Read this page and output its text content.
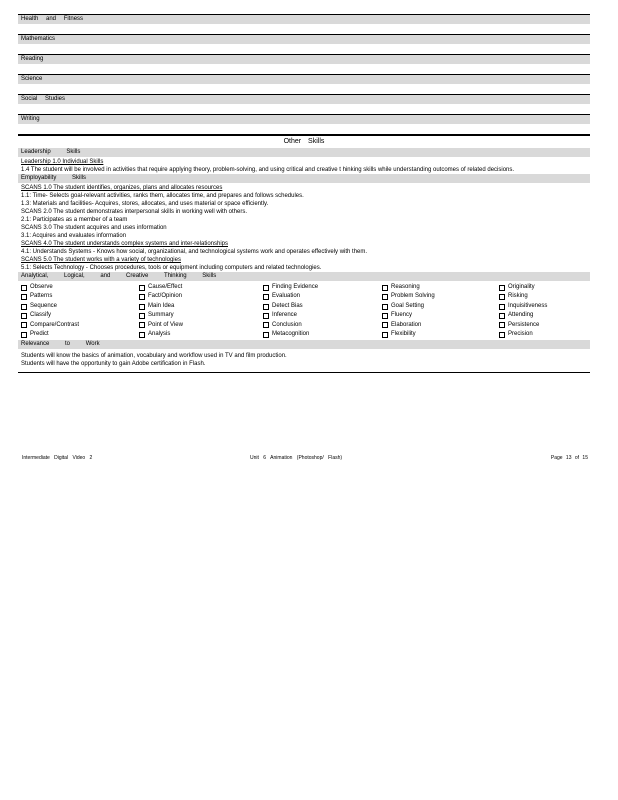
Health and Fitness
Mathematics
Reading
Science
Social Studies
Writing
Other Skills
Leadership Skills
Leadership 1.0 Individual Skills
1.4 The student will be involved in activities that require applying theory, problem-solving, and using critical and creative t hinking skills while understanding outcomes of related decisions.
Employability Skills
SCANS 1.0 The student identifies, organizes, plans and allocates resources
1.1: Time- Selects goal-relevant activities, ranks them, allocates time, and prepares and follows schedules.
1.3: Materials and facilities- Acquires, stores, allocates, and uses material or space efficiently.
SCANS 2.0 The student demonstrates interpersonal skills in working well with others.
2.1: Participates as a member of a team
SCANS 3.0 The student acquires and uses information
3.1: Acquires and evaluates information
SCANS 4.0 The student understands complex systems and inter-relationships
4.1: Understands Systems - Knows how social, organizational, and technological systems work and operates effectively with them.
SCANS 5.0 The student works with a variety of technologies
5.1: Selects Technology - Chooses procedures, tools or equipment including computers and related technologies.
Analytical, Logical, and Creative Thinking Skills
Observe	Cause/Effect	Finding Evidence	Reasoning	Originality
Patterns	Fact/Opinion	Evaluation	Problem Solving	Risking
Sequence	Main Idea	Detect Bias	Goal Setting	Inquisitiveness
Classify	Summary	Inference	Fluency	Attending
Compare/Contrast	Point of View	Conclusion	Elaboration	Persistence
Predict	Analysis	Metacognition	Flexibility	Precision
Relevance to Work
Students will know the basics of animation, vocabulary and workflow used in TV and film production.
Students will have the opportunity to gain Adobe certification in Flash.
Intermediate Digital Video 2	Unit 6 Animation (Photoshop/ Flash)	Page 13 of 15
